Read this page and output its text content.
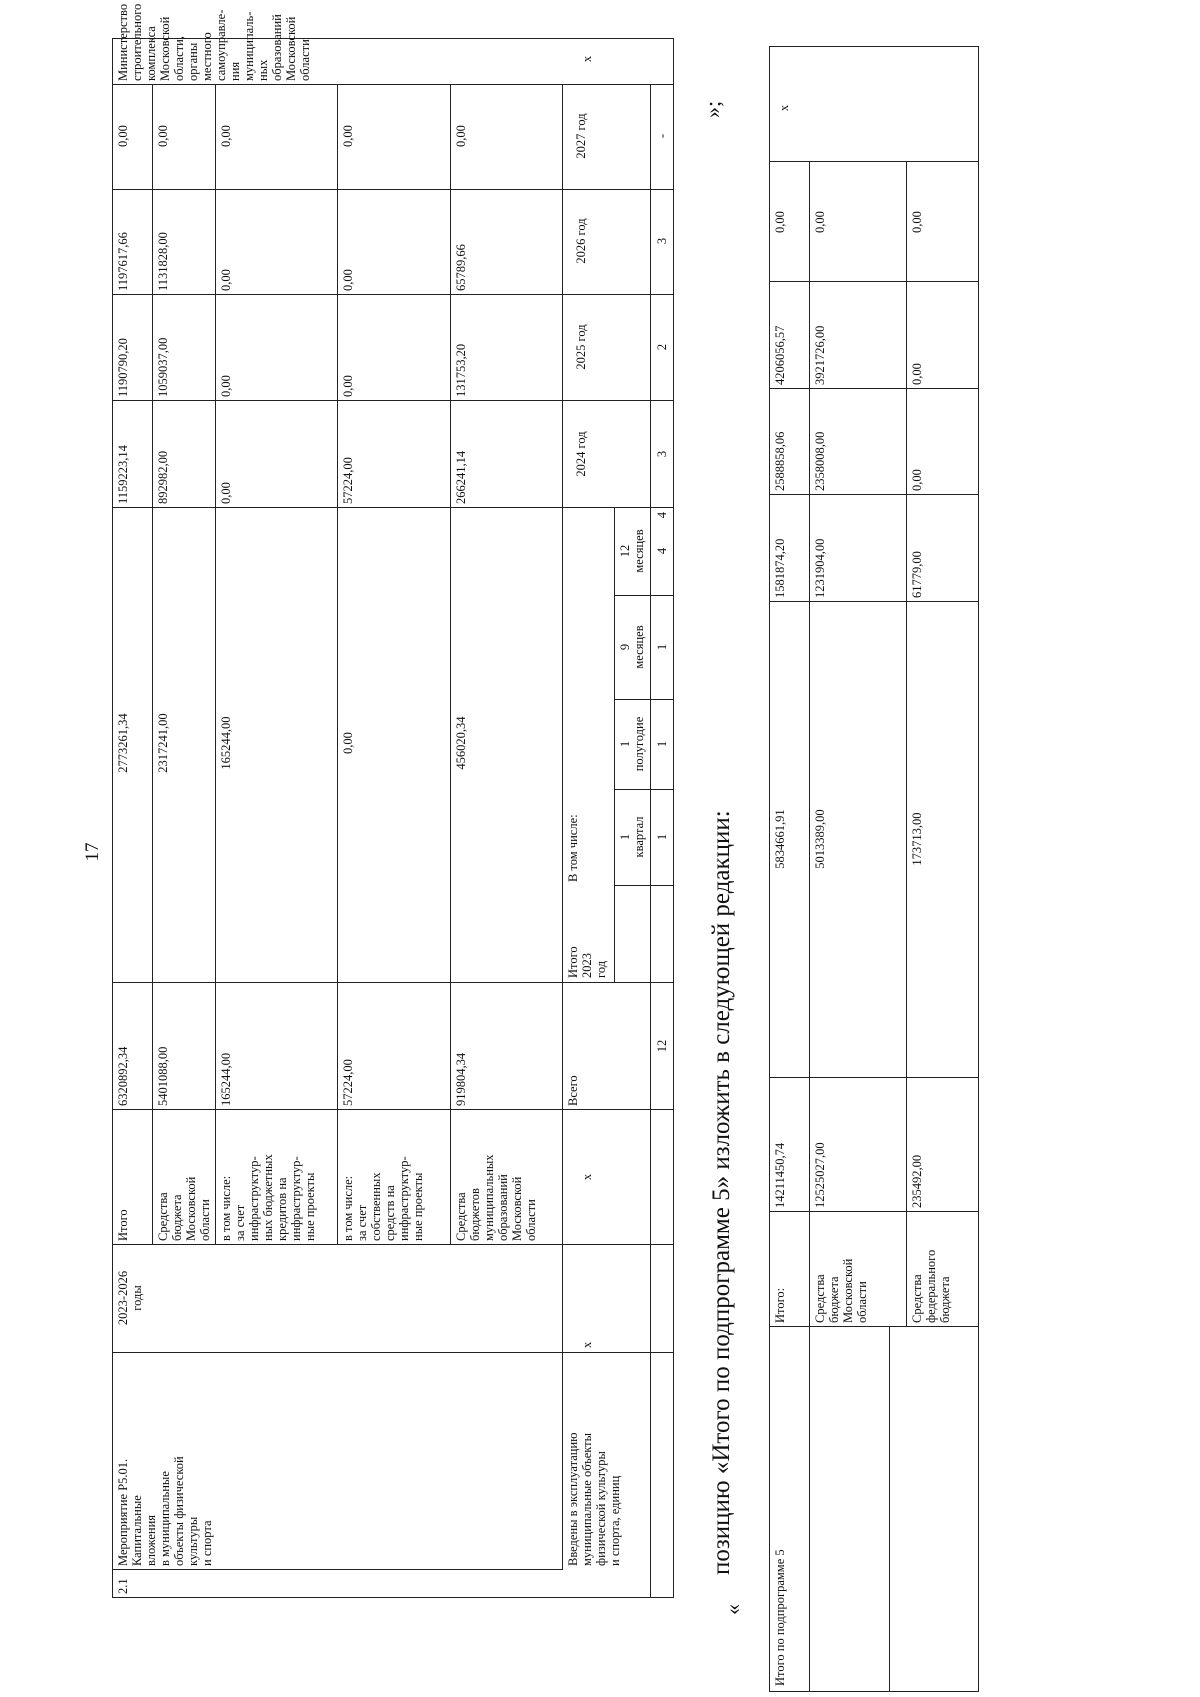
17
2.1
Мероприятие Р5.01.
Капитальные
вложения
в муниципальные
объекты физической
культуры
и спорта
2023-2026
годы
Министерство
строительного
комплекса
Московской
области,
органы
местного
самоуправле-
ния
муниципаль-
ных
образований
Московской
области
Итого
6320892,34
2773261,34
1159223,14
1190790,20
1197617,66
0,00
Средства
бюджета
Московской
области
5401088,00
2317241,00
892982,00
1059037,00
1131828,00
0,00
в том числе:
за счет
инфраструктур-
ных бюджетных
кредитов на
инфраструктур-
ные проекты
165244,00
165244,00
0,00
0,00
0,00
0,00
в том числе:
за счет
собственных
средств на
инфраструктур-
ные проекты
57224,00
0,00
57224,00
0,00
0,00
0,00
Средства
бюджетов
муниципальных
образований
Московской
области
919804,34
456020,34
266241,14
131753,20
65789,66
0,00
Введены в эксплуатацию
муниципальные объекты
физической культуры
и спорта, единиц
x
x
x
Всего
Итого
2023
год
В том числе:	1
квартал
1
полугодие
9
месяцев
12
месяцев
2024 год
2025 год
2026 год
2027 год
12
4
1
1
1
4
3
2
3
-
»;
позицию «Итого по подпрограмме 5» изложить в следующей редакции:
« Итого по подпрограмме 5
x
Итого:
14211450,74
5834661,91
1581874,20
2588858,06
4206056,57
0,00
Средства
бюджета
Московской
области
12525027,00
5013389,00
1231904,00
2358008,00
3921726,00
0,00
Средства
федерального
бюджета
235492,00
173713,00
61779,00
0,00
0,00
0,00
